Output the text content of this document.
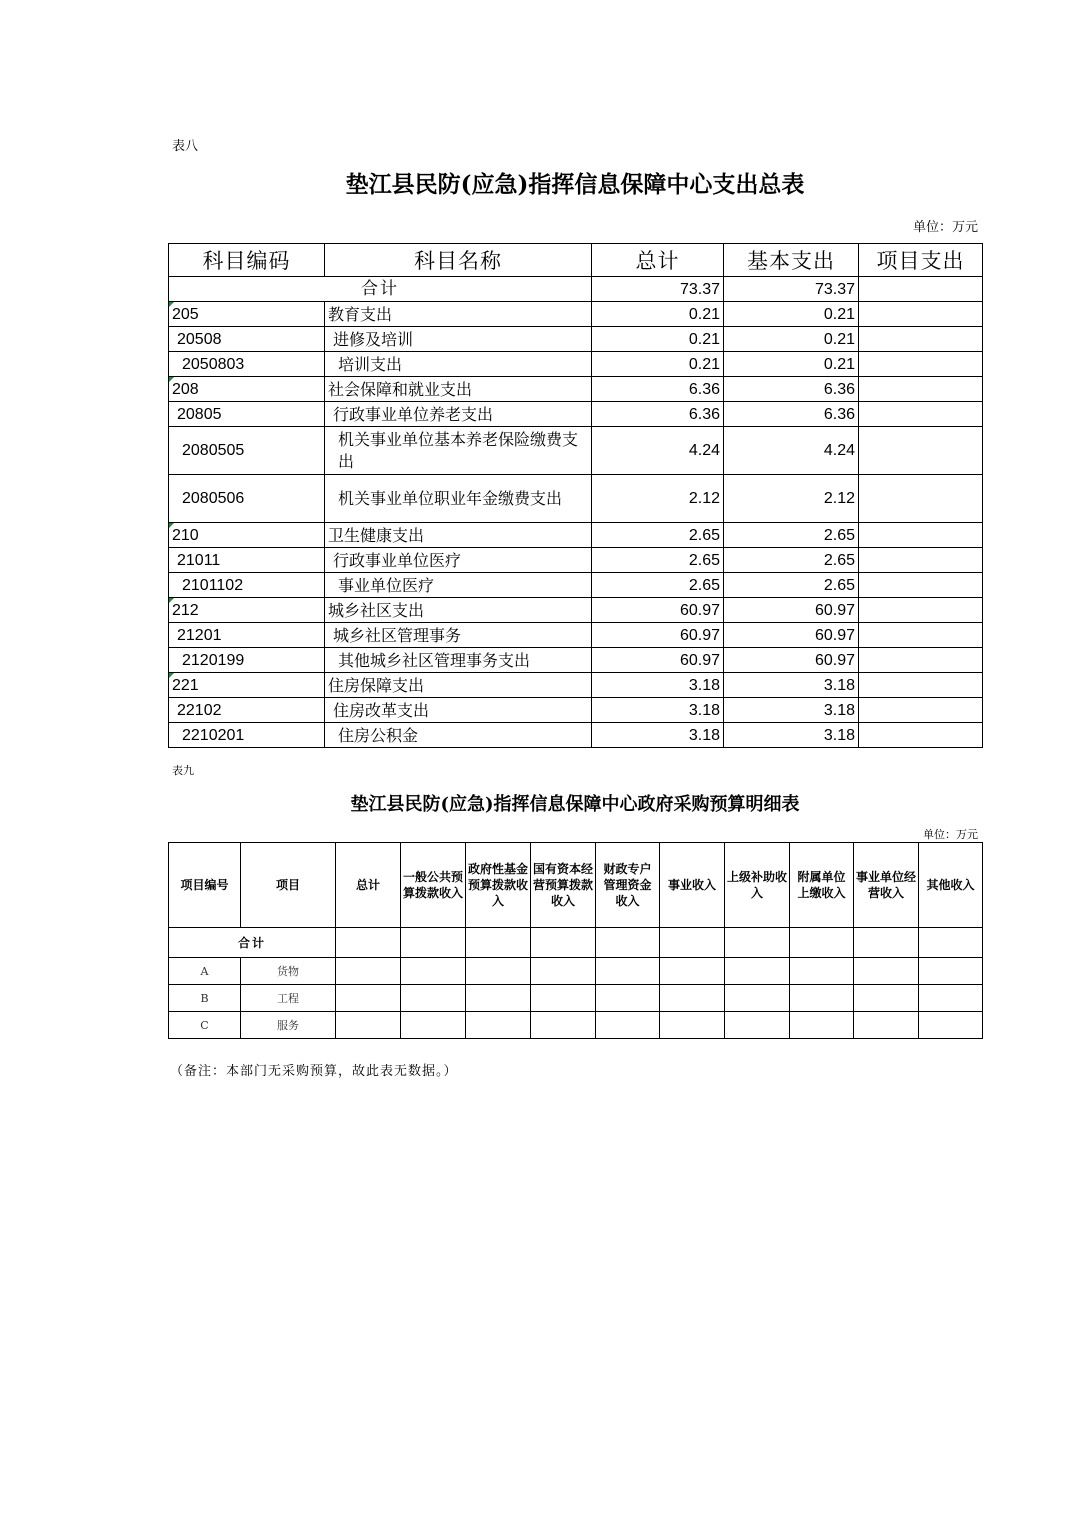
表八
垫江县民防(应急)指挥信息保障中心支出总表
单位：万元
科目编码	科目名称	总计	基本支出	项目支出
合计		73.37	73.37	

205	教育支出	0.21	0.21	
20508	进修及培训	0.21	0.21	
2050803	培训支出	0.21	0.21	

208	社会保障和就业支出	6.36	6.36	
20805	行政事业单位养老支出	6.36	6.36	
2080505	机关事业单位基本养老保险缴费支出	4.24	4.24	
2080506	机关事业单位职业年金缴费支出	2.12	2.12	

210	卫生健康支出	2.65	2.65	
21011	行政事业单位医疗	2.65	2.65	
2101102	事业单位医疗	2.65	2.65	

212	城乡社区支出	60.97	60.97	
21201	城乡社区管理事务	60.97	60.97	
2120199	其他城乡社区管理事务支出	60.97	60.97	

221	住房保障支出	3.18	3.18	
22102	住房改革支出	3.18	3.18	
2210201	住房公积金	3.18	3.18	
表九
垫江县民防(应急)指挥信息保障中心政府采购预算明细表
单位：万元
项目编号	项目	总计	一般公共预算拨款收入	政府性基金预算拨款收入	国有资本经营预算拨款收入	财政专户管理资金收入	事业收入	上级补助收入	附属单位上缴收入	事业单位经营收入	其他收入
合计											
A	货物										
B	工程										
C	服务										
（备注：本部门无采购预算，故此表无数据。）
